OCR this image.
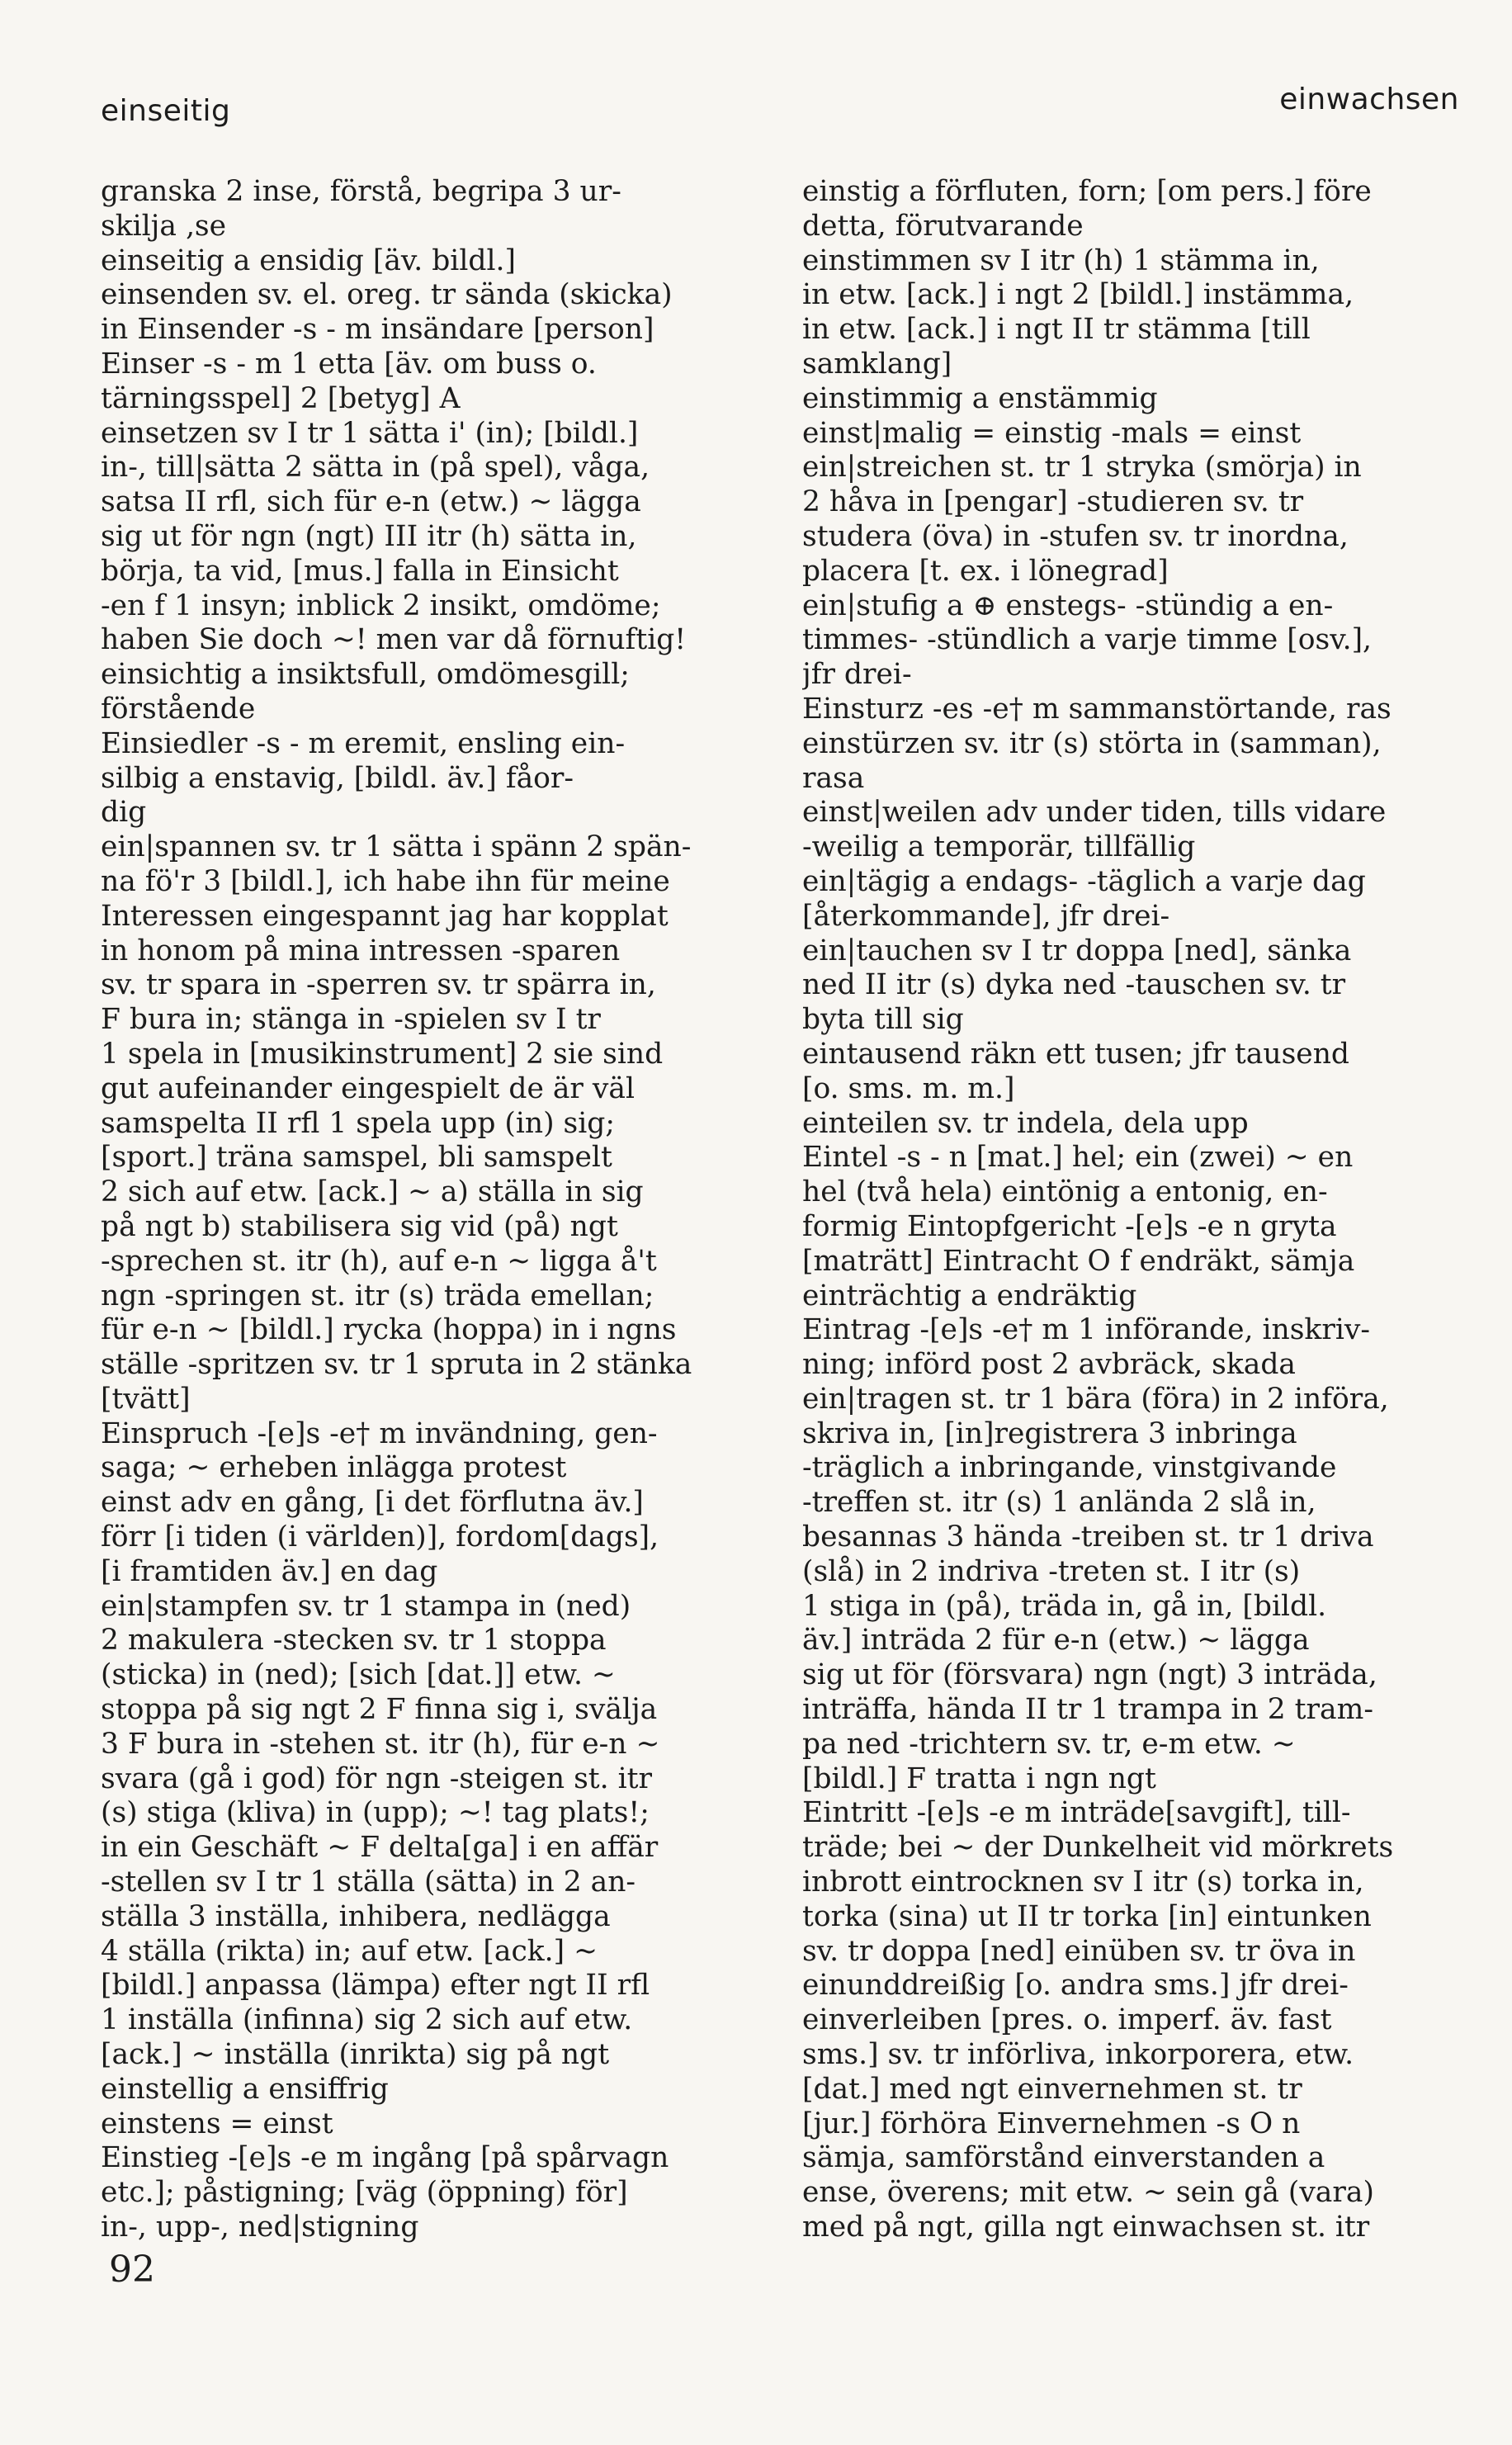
einseitig	einwachsen
granska 2 inse, förstå, begripa 3 ur-
skilja ‚se
einseitig a ensidig [äv. bildl.]
einsenden sv. el. oreg. tr sända (skicka)
in Einsender -s - m insändare [person]
Einser -s - m 1 etta [äv. om buss o.
tärningsspel] 2 [betyg] A
einsetzen sv I tr 1 sätta i' (in); [bildl.]
in-, till|sätta 2 sätta in (på spel), våga,
satsa II rfl, sich für e-n (etw.) ~ lägga
sig ut för ngn (ngt) III itr (h) sätta in,
börja, ta vid, [mus.] falla in Einsicht
-en f 1 insyn; inblick 2 insikt, omdöme;
haben Sie doch ~! men var då förnuftig!
einsichtig a insiktsfull, omdömesgill;
förstående
Einsiedler -s - m eremit, ensling ein-
silbig a enstavig, [bildl. äv.] fåor-
dig
ein|spannen sv. tr 1 sätta i spänn 2 spän-
na fö'r 3 [bildl.], ich habe ihn für meine
Interessen eingespannt jag har kopplat
in honom på mina intressen -sparen
sv. tr spara in -sperren sv. tr spärra in,
F bura in; stänga in -spielen sv I tr
1 spela in [musikinstrument] 2 sie sind
gut aufeinander eingespielt de är väl
samspelta II rfl 1 spela upp (in) sig;
[sport.] träna samspel, bli samspelt
2 sich auf etw. [ack.] ~ a) ställa in sig
på ngt b) stabilisera sig vid (på) ngt
-sprechen st. itr (h), auf e-n ~ ligga å't
ngn -springen st. itr (s) träda emellan;
für e-n ~ [bildl.] rycka (hoppa) in i ngns
ställe -spritzen sv. tr 1 spruta in 2 stänka
[tvätt]
Einspruch -[e]s -e† m invändning, gen-
saga; ~ erheben inlägga protest
einst adv en gång, [i det förflutna äv.]
förr [i tiden (i världen)], fordom[dags],
[i framtiden äv.] en dag
ein|stampfen sv. tr 1 stampa in (ned)
2 makulera -stecken sv. tr 1 stoppa
(sticka) in (ned); [sich [dat.]] etw. ~
stoppa på sig ngt 2 F finna sig i, svälja
3 F bura in -stehen st. itr (h), für e-n ~
svara (gå i god) för ngn -steigen st. itr
(s) stiga (kliva) in (upp); ~! tag plats!;
in ein Geschäft ~ F delta[ga] i en affär
-stellen sv I tr 1 ställa (sätta) in 2 an-
ställa 3 inställa, inhibera, nedlägga
4 ställa (rikta) in; auf etw. [ack.] ~
[bildl.] anpassa (lämpa) efter ngt II rfl
1 inställa (infinna) sig 2 sich auf etw.
[ack.] ~ inställa (inrikta) sig på ngt
einstellig a ensiffrig
einstens = einst
Einstieg -[e]s -e m ingång [på spårvagn
etc.]; påstigning; [väg (öppning) för]
in-, upp-, ned|stigning
einstig a förfluten, forn; [om pers.] före
detta, förutvarande
einstimmen sv I itr (h) 1 stämma in,
in etw. [ack.] i ngt 2 [bildl.] instämma,
in etw. [ack.] i ngt II tr stämma [till
samklang]
einstimmig a enstämmig
einst|malig = einstig -mals = einst
ein|streichen st. tr 1 stryka (smörja) in
2 håva in [pengar] -studieren sv. tr
studera (öva) in -stufen sv. tr inordna,
placera [t. ex. i lönegrad]
ein|stufig a ⊕ enstegs- -stündig a en-
timmes- -stündlich a varje timme [osv.],
jfr drei-
Einsturz -es -e† m sammanstörtande, ras
einstürzen sv. itr (s) störta in (samman),
rasa
einst|weilen adv under tiden, tills vidare
-weilig a temporär, tillfällig
ein|tägig a endags- -täglich a varje dag
[återkommande], jfr drei-
ein|tauchen sv I tr doppa [ned], sänka
ned II itr (s) dyka ned -tauschen sv. tr
byta till sig
eintausend räkn ett tusen; jfr tausend
[o. sms. m. m.]
einteilen sv. tr indela, dela upp
Eintel -s - n [mat.] hel; ein (zwei) ~ en
hel (två hela) eintönig a entonig, en-
formig Eintopfgericht -[e]s -e n gryta
[maträtt] Eintracht O f endräkt, sämja
einträchtig a endräktig
Eintrag -[e]s -e† m 1 införande, inskriv-
ning; införd post 2 avbräck, skada
ein|tragen st. tr 1 bära (föra) in 2 införa,
skriva in, [in]registrera 3 inbringa
-träglich a inbringande, vinstgivande
-treffen st. itr (s) 1 anlända 2 slå in,
besannas 3 hända -treiben st. tr 1 driva
(slå) in 2 indriva -treten st. I itr (s)
1 stiga in (på), träda in, gå in, [bildl.
äv.] inträda 2 für e-n (etw.) ~ lägga
sig ut för (försvara) ngn (ngt) 3 inträda,
inträffa, hända II tr 1 trampa in 2 tram-
pa ned -trichtern sv. tr, e-m etw. ~
[bildl.] F tratta i ngn ngt
Eintritt -[e]s -e m inträde[savgift], till-
träde; bei ~ der Dunkelheit vid mörkrets
inbrott eintrocknen sv I itr (s) torka in,
torka (sina) ut II tr torka [in] eintunken
sv. tr doppa [ned] einüben sv. tr öva in
einunddreißig [o. andra sms.] jfr drei-
einverleiben [pres. o. imperf. äv. fast
sms.] sv. tr införliva, inkorporera, etw.
[dat.] med ngt einvernehmen st. tr
[jur.] förhöra Einvernehmen -s O n
sämja, samförstånd einverstanden a
ense, överens; mit etw. ~ sein gå (vara)
med på ngt, gilla ngt einwachsen st. itr
92
